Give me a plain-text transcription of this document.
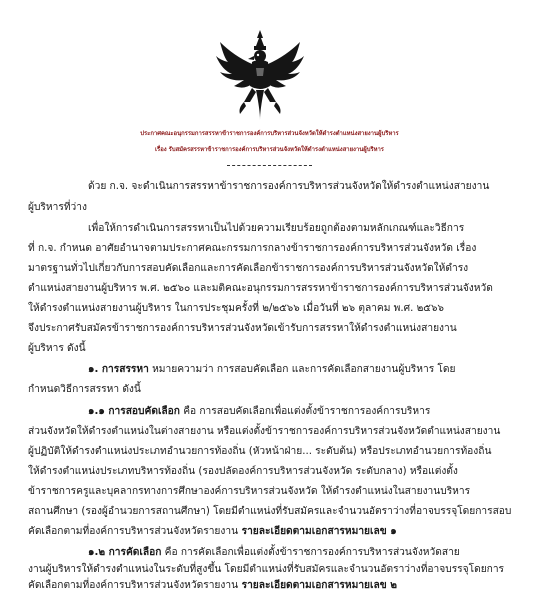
ประกาศคณะอนุกรรมการสรรหาข้าราชการองค์การบริหารส่วนจังหวัดให้ดำรงตำแหน่งสายงานผู้บริหาร
เรื่อง รับสมัครสรรหาข้าราชการองค์การบริหารส่วนจังหวัดให้ดำรงตำแหน่งสายงานผู้บริหาร
ด้วย ก.จ. จะดำเนินการสรรหาข้าราชการองค์การบริหารส่วนจังหวัดให้ดำรงตำแหน่งสายงาน
ผู้บริหารที่ว่าง
เพื่อให้การดำเนินการสรรหาเป็นไปด้วยความเรียบร้อยถูกต้องตามหลักเกณฑ์และวิธีการ
ที่ ก.จ. กำหนด อาศัยอำนาจตามประกาศคณะกรรมการกลางข้าราชการองค์การบริหารส่วนจังหวัด เรื่อง
มาตรฐานทั่วไปเกี่ยวกับการสอบคัดเลือกและการคัดเลือกข้าราชการองค์การบริหารส่วนจังหวัดให้ดำรง
ตำแหน่งสายงานผู้บริหาร พ.ศ. ๒๕๖๐ และมติคณะอนุกรรมการสรรหาข้าราชการองค์การบริหารส่วนจังหวัด
ให้ดำรงตำแหน่งสายงานผู้บริหาร ในการประชุมครั้งที่ ๒/๒๕๖๖ เมื่อวันที่ ๒๖ ตุลาคม พ.ศ. ๒๕๖๖
จึงประกาศรับสมัครข้าราชการองค์การบริหารส่วนจังหวัดเข้ารับการสรรหาให้ดำรงตำแหน่งสายงาน
ผู้บริหาร ดังนี้
๑. การสรรหา หมายความว่า การสอบคัดเลือก และการคัดเลือกสายงานผู้บริหาร โดย
กำหนดวิธีการสรรหา ดังนี้
๑.๑ การสอบคัดเลือก คือ การสอบคัดเลือกเพื่อแต่งตั้งข้าราชการองค์การบริหาร
ส่วนจังหวัดให้ดำรงตำแหน่งในต่างสายงาน หรือแต่งตั้งข้าราชการองค์การบริหารส่วนจังหวัดตำแหน่งสายงาน
ผู้ปฏิบัติให้ดำรงตำแหน่งประเภทอำนวยการท้องถิ่น (หัวหน้าฝ่าย... ระดับต้น) หรือประเภทอำนวยการท้องถิ่น
ให้ดำรงตำแหน่งประเภทบริหารท้องถิ่น (รองปลัดองค์การบริหารส่วนจังหวัด ระดับกลาง) หรือแต่งตั้ง
ข้าราชการครูและบุคลากรทางการศึกษาองค์การบริหารส่วนจังหวัด ให้ดำรงตำแหน่งในสายงานบริหาร
สถานศึกษา (รองผู้อำนวยการสถานศึกษา) โดยมีตำแหน่งที่รับสมัครและจำนวนอัตราว่างที่อาจบรรจุโดยการสอบ
คัดเลือกตามที่องค์การบริหารส่วนจังหวัดรายงาน รายละเอียดตามเอกสารหมายเลข ๑
๑.๒ การคัดเลือก คือ การคัดเลือกเพื่อแต่งตั้งข้าราชการองค์การบริหารส่วนจังหวัดสาย
งานผู้บริหารให้ดำรงตำแหน่งในระดับที่สูงขึ้น โดยมีตำแหน่งที่รับสมัครและจำนวนอัตราว่างที่อาจบรรจุโดยการ
คัดเลือกตามที่องค์การบริหารส่วนจังหวัดรายงาน รายละเอียดตามเอกสารหมายเลข ๒
